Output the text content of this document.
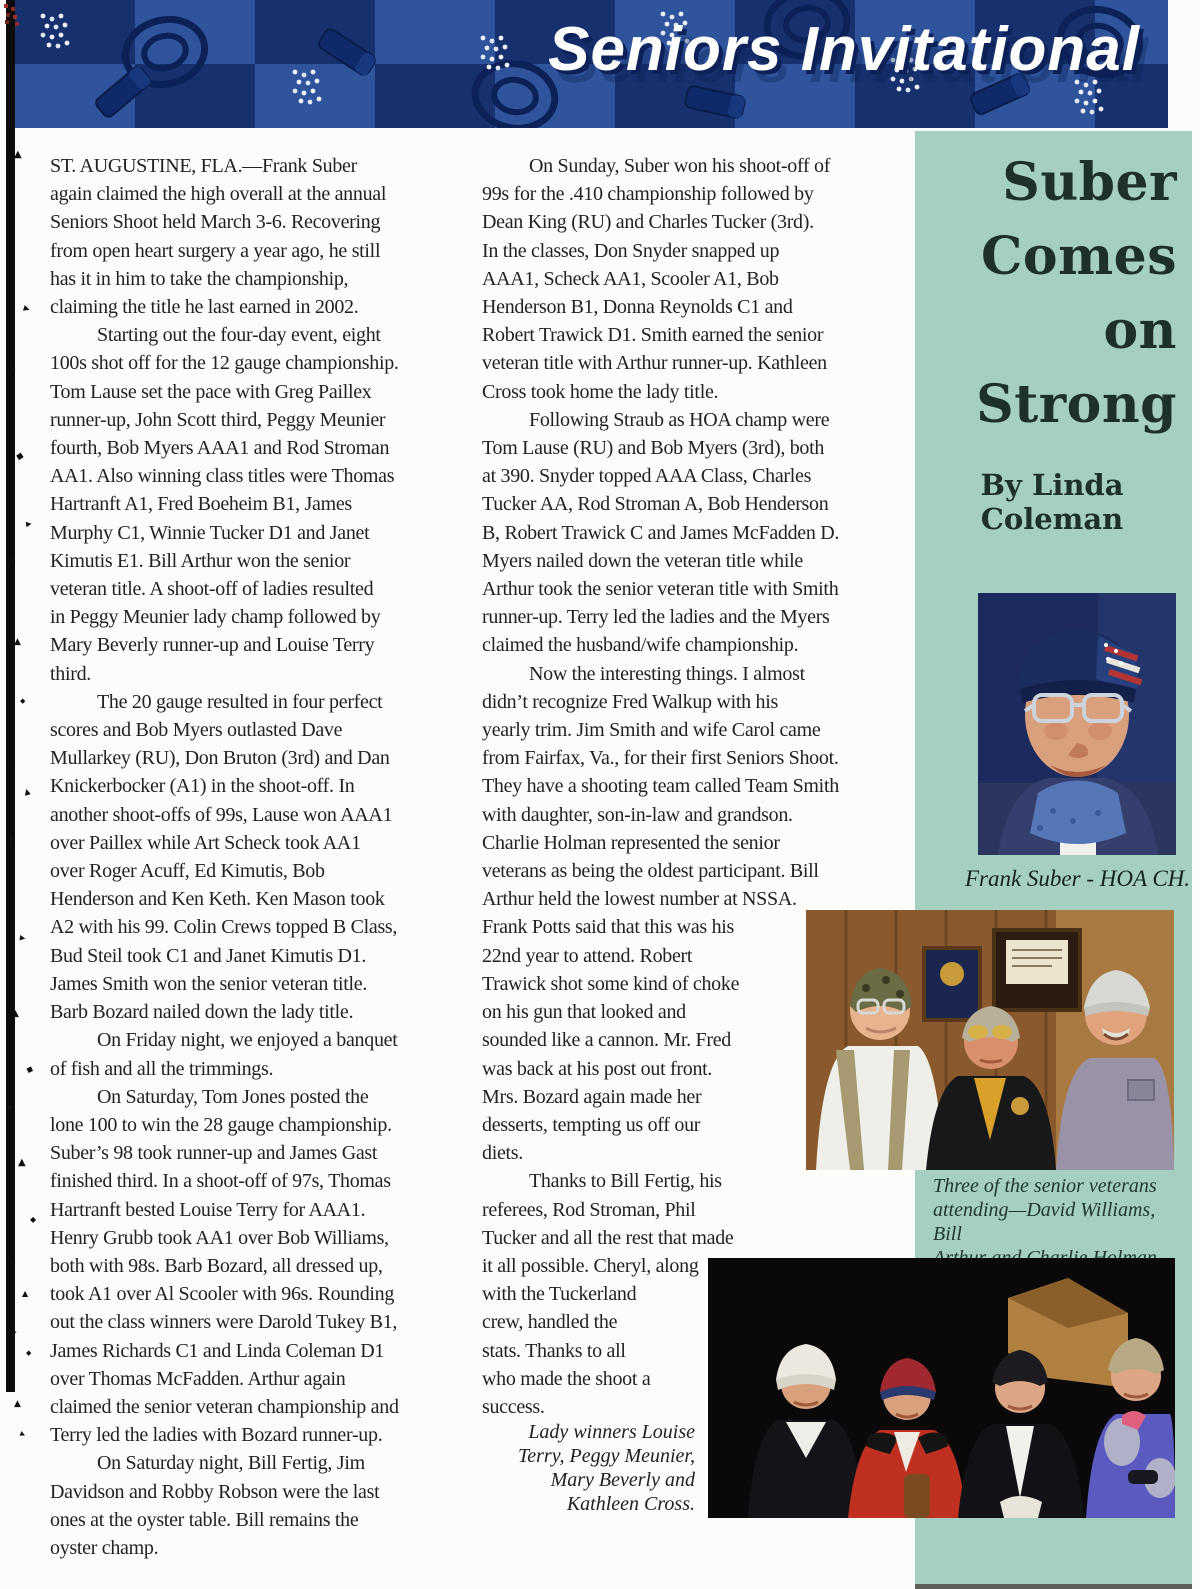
▲
▸
◆
◆
▸
▲
▲
◆
▸
▲
◆
▸
▲
◆
▸
▲
◆
▸
▲
▸
◆
▲
▸
Seniors Invitational
Suber
Comes
on
Strong
By Linda Coleman
ST. AUGUSTINE, FLA.—Frank Suber
again claimed the high overall at the annual
Seniors Shoot held March 3-6. Recovering
from open heart surgery a year ago, he still
has it in him to take the championship,
claiming the title he last earned in 2002.
Starting out the four-day event, eight
100s shot off for the 12 gauge championship.
Tom Lause set the pace with Greg Paillex
runner-up, John Scott third, Peggy Meunier
fourth, Bob Myers AAA1 and Rod Stroman
AA1. Also winning class titles were Thomas
Hartranft A1, Fred Boeheim B1, James
Murphy C1, Winnie Tucker D1 and Janet
Kimutis E1. Bill Arthur won the senior
veteran title. A shoot-off of ladies resulted
in Peggy Meunier lady champ followed by
Mary Beverly runner-up and Louise Terry
third.
The 20 gauge resulted in four perfect
scores and Bob Myers outlasted Dave
Mullarkey (RU), Don Bruton (3rd) and Dan
Knickerbocker (A1) in the shoot-off. In
another shoot-offs of 99s, Lause won AAA1
over Paillex while Art Scheck took AA1
over Roger Acuff, Ed Kimutis, Bob
Henderson and Ken Keth. Ken Mason took
A2 with his 99. Colin Crews topped B Class,
Bud Steil took C1 and Janet Kimutis D1.
James Smith won the senior veteran title.
Barb Bozard nailed down the lady title.
On Friday night, we enjoyed a banquet
of fish and all the trimmings.
On Saturday, Tom Jones posted the
lone 100 to win the 28 gauge championship.
Suber’s 98 took runner-up and James Gast
finished third. In a shoot-off of 97s, Thomas
Hartranft bested Louise Terry for AAA1.
Henry Grubb took AA1 over Bob Williams,
both with 98s. Barb Bozard, all dressed up,
took A1 over Al Scooler with 96s. Rounding
out the class winners were Darold Tukey B1,
James Richards C1 and Linda Coleman D1
over Thomas McFadden. Arthur again
claimed the senior veteran championship and
Terry led the ladies with Bozard runner-up.
On Saturday night, Bill Fertig, Jim
Davidson and Robby Robson were the last
ones at the oyster table. Bill remains the
oyster champ.
On Sunday, Suber won his shoot-off of
99s for the .410 championship followed by
Dean King (RU) and Charles Tucker (3rd).
In the classes, Don Snyder snapped up
AAA1, Scheck AA1, Scooler A1, Bob
Henderson B1, Donna Reynolds C1 and
Robert Trawick D1. Smith earned the senior
veteran title with Arthur runner-up. Kathleen
Cross took home the lady title.
Following Straub as HOA champ were
Tom Lause (RU) and Bob Myers (3rd), both
at 390. Snyder topped AAA Class, Charles
Tucker AA, Rod Stroman A, Bob Henderson
B, Robert Trawick C and James McFadden D.
Myers nailed down the veteran title while
Arthur took the senior veteran title with Smith
runner-up. Terry led the ladies and the Myers
claimed the husband/wife championship.
Now the interesting things. I almost
didn’t recognize Fred Walkup with his
yearly trim. Jim Smith and wife Carol came
from Fairfax, Va., for their first Seniors Shoot.
They have a shooting team called Team Smith
with daughter, son-in-law and grandson.
Charlie Holman represented the senior
veterans as being the oldest participant. Bill
Arthur held the lowest number at NSSA.
Frank Potts said that this was his
22nd year to attend. Robert
Trawick shot some kind of choke
on his gun that looked and
sounded like a cannon. Mr. Fred
was back at his post out front.
Mrs. Bozard again made her
desserts, tempting us off our
diets.
Thanks to Bill Fertig, his
referees, Rod Stroman, Phil
Tucker and all the rest that made
it all possible. Cheryl, along
with the Tuckerland
crew, handled the
stats. Thanks to all
who made the shoot a
success.
Frank Suber - HOA CH.
Three of the senior veterans
attending—David Williams, Bill

Lady winners Louise
Terry, Peggy Meunier,
Mary Beverly and
Kathleen Cross.
